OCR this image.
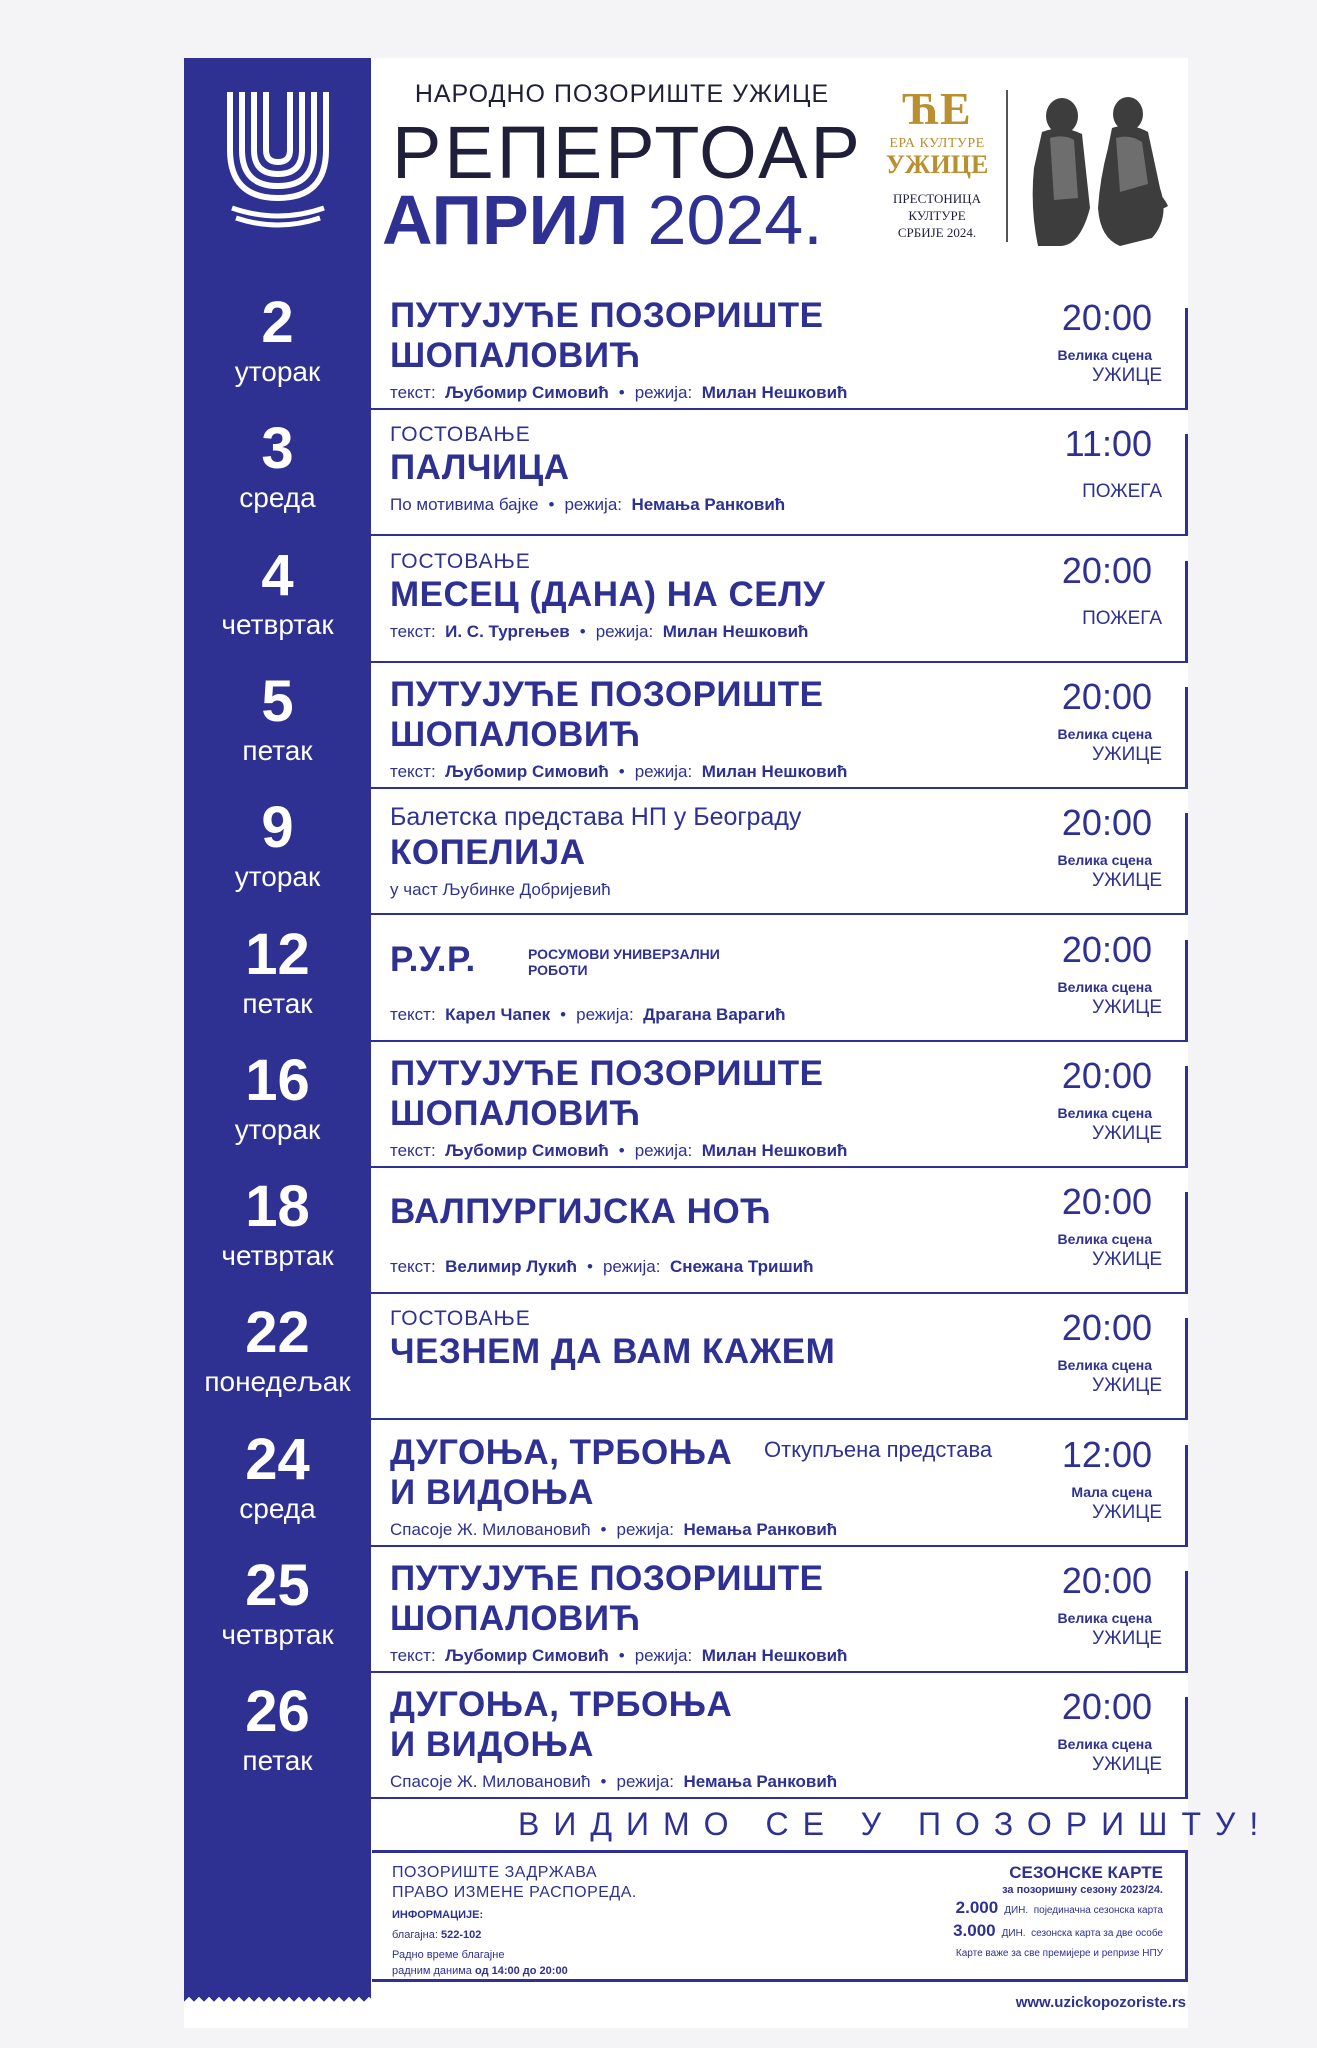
НАРОДНО ПОЗОРИШТЕ УЖИЦЕ
РЕПЕРТОАР
АПРИЛ 2024.
ЋЕ
ЕРА КУЛТУРЕ
УЖИЦЕ
ПРЕСТОНИЦА
КУЛТУРЕ
СРБИЈЕ 2024.
2
уторак
ПУТУЈУЋЕ ПОЗОРИШТЕ
ШОПАЛОВИЋ
текст: Љубомир Симовић • режија: Милан Нешковић
20:00
Велика сцена
УЖИЦЕ
3
среда
ГОСТОВАЊЕ
ПАЛЧИЦА
По мотивима бајке • режија: Немања Ранковић
11:00
ПОЖЕГА
4
четвртак
ГОСТОВАЊЕ
МЕСЕЦ (ДАНА) НА СЕЛУ
текст: И. С. Тургењев • режија: Милан Нешковић
20:00
ПОЖЕГА
5
петак
ПУТУЈУЋЕ ПОЗОРИШТЕ
ШОПАЛОВИЋ
текст: Љубомир Симовић • режија: Милан Нешковић
20:00
Велика сцена
УЖИЦЕ
9
уторак
Балетска представа НП у Београду
КОПЕЛИЈА
у част Љубинке Добријевић
20:00
Велика сцена
УЖИЦЕ
12
петак
Р.У.Р.	РОСУМОВИ УНИВЕРЗАЛНИ
РОБОТИ
текст: Карел Чапек • режија: Драгана Варагић
20:00
Велика сцена
УЖИЦЕ
16
уторак
ПУТУЈУЋЕ ПОЗОРИШТЕ
ШОПАЛОВИЋ
текст: Љубомир Симовић • режија: Милан Нешковић
20:00
Велика сцена
УЖИЦЕ
18
четвртак
ВАЛПУРГИЈСКА НОЋ
текст: Велимир Лукић • режија: Снежана Тришић
20:00
Велика сцена
УЖИЦЕ
22
понедељак
ГОСТОВАЊЕ
ЧЕЗНЕМ ДА ВАМ КАЖЕМ
20:00
Велика сцена
УЖИЦЕ
24
среда
ДУГОЊА, ТРБОЊА
И ВИДОЊА
Спасоје Ж. Миловановић • режија: Немања Ранковић
Откупљена представа	12:00
Мала сцена
УЖИЦЕ
25
четвртак
ПУТУЈУЋЕ ПОЗОРИШТЕ
ШОПАЛОВИЋ
текст: Љубомир Симовић • режија: Милан Нешковић
20:00
Велика сцена
УЖИЦЕ
26
петак
ДУГОЊА, ТРБОЊА
И ВИДОЊА
Спасоје Ж. Миловановић • режија: Немања Ранковић
20:00
Велика сцена
УЖИЦЕ
ВИДИМО СЕ У ПОЗОРИШТУ!
ПОЗОРИШТЕ ЗАДРЖАВА
ПРАВО ИЗМЕНЕ РАСПОРЕДА.
ИНФОРМАЦИЈЕ:
благајна: 522-102
Радно време благајне
радним данима од 14:00 до 20:00
СЕЗОНСКЕ КАРТЕ
за позоришну сезону 2023/24.
2.000 ДИН. појединачна сезонска карта
3.000 ДИН. сезонска карта за две особе
Карте важе за све премијере и репризе НПУ
www.uzickopozoriste.rs
